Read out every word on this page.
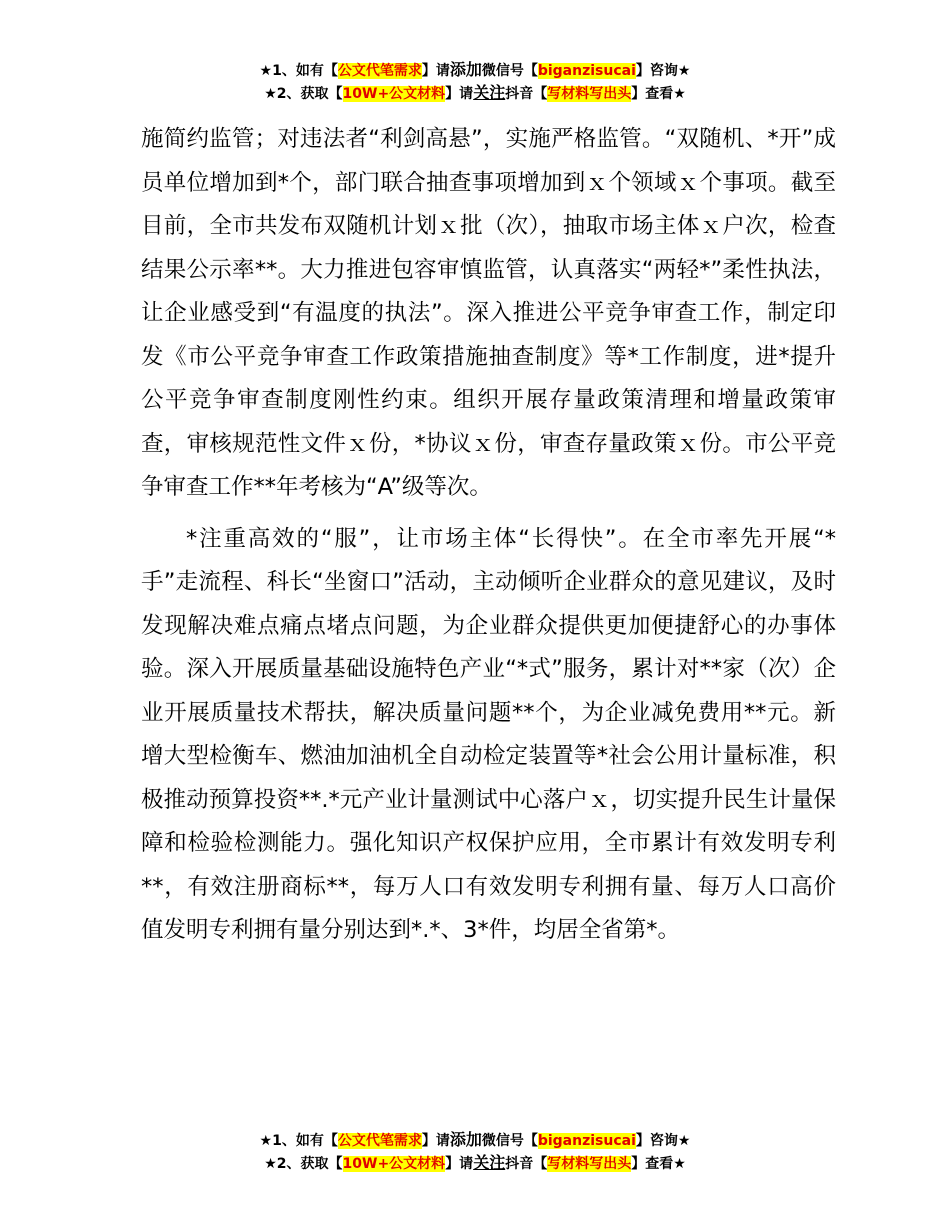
★1、如有【公文代笔需求】请添加微信号【biganzisucai】咨询★
★2、获取【10W+公文材料】请关注抖音【写材料写出头】查看★

施简约监管；对违法者“利剑高悬”，实施严格监管。“双随机、*开”成员单位增加到*个，部门联合抽查事项增加到ｘ个领域ｘ个事项。截至目前，全市共发布双随机计划ｘ批（次），抽取市场主体ｘ户次，检查结果公示率**。大力推进包容审慎监管，认真落实“两轻*”柔性执法，让企业感受到“有温度的执法”。深入推进公平竞争审查工作，制定印发《市公平竞争审查工作政策措施抽查制度》等*工作制度，进*提升公平竞争审查制度刚性约束。组织开展存量政策清理和增量政策审查，审核规范性文件ｘ份，*协议ｘ份，审查存量政策ｘ份。市公平竞争审查工作**年考核为“A”级等次。

*注重高效的“服”，让市场主体“长得快”。在全市率先开展“*手”走流程、科长“坐窗口”活动，主动倾听企业群众的意见建议，及时发现解决难点痛点堵点问题，为企业群众提供更加便捷舒心的办事体验。深入开展质量基础设施特色产业“*式”服务，累计对**家（次）企业开展质量技术帮扶，解决质量问题**个，为企业减免费用**元。新增大型检衡车、燃油加油机全自动检定装置等*社会公用计量标准，积极推动预算投资**.*元产业计量测试中心落户ｘ，切实提升民生计量保障和检验检测能力。强化知识产权保护应用，全市累计有效发明专利**，有效注册商标**，每万人口有效发明专利拥有量、每万人口高价值发明专利拥有量分别达到*.*、3*件，均居全省第*。

★1、如有【公文代笔需求】请添加微信号【biganzisucai】咨询★
★2、获取【10W+公文材料】请关注抖音【写材料写出头】查看★
